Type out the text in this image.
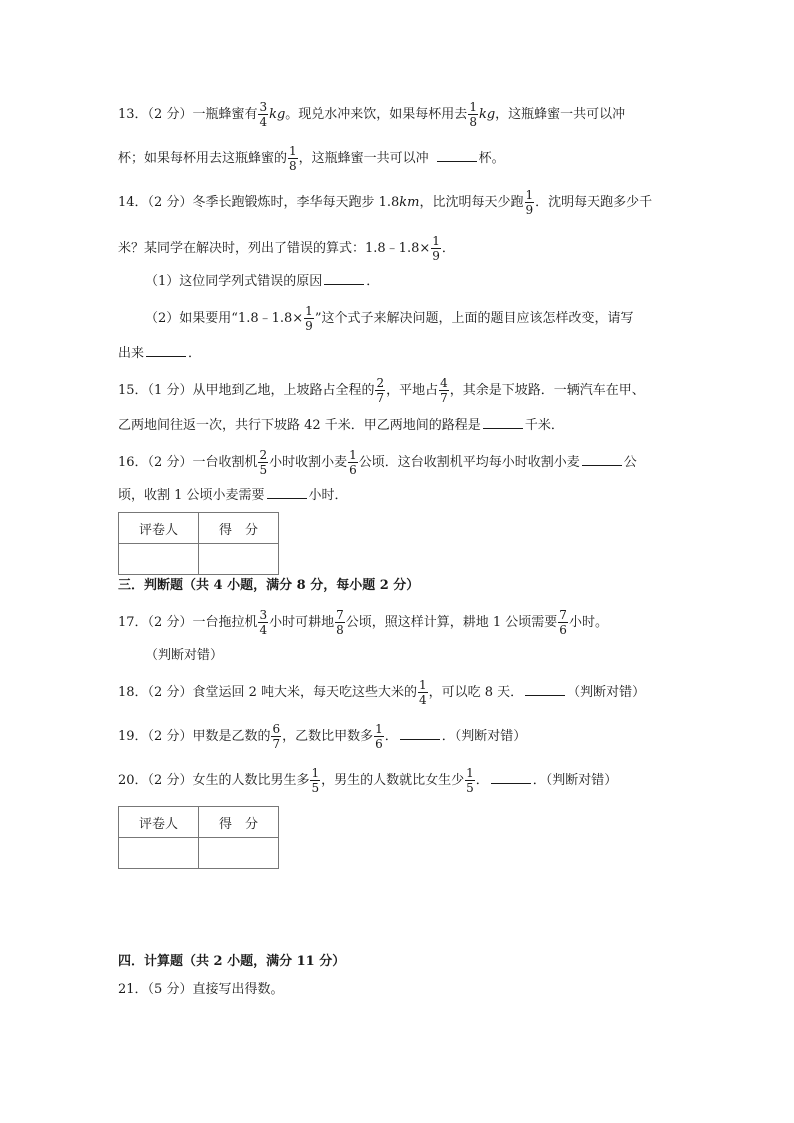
13．（2 分）一瓶蜂蜜有 $\frac{3}{4}$ kg。现兑水冲来饮，如果每杯用去 $\frac{1}{8}$ kg，这瓶蜂蜜一共可以冲
杯；如果每杯用去这瓶蜂蜜的 $\frac{1}{8}$ ，这瓶蜂蜜一共可以冲	杯。
14．（2 分）冬季长跑锻炼时，李华每天跑步 1.8km，比沈明每天少跑 $\frac{1}{9}$ ．沈明每天跑多少千
米？某同学在解决时，列出了错误的算式：1.8﹣1.8× $\frac{1}{9}$ ．
（1）这位同学列式错误的原因	．
（2）如果要用“1.8﹣1.8× $\frac{1}{9}$ ”这个式子来解决问题，上面的题目应该怎样改变，请写
出来	．
15．（1 分）从甲地到乙地，上坡路占全程的 $\frac{2}{7}$ ，平地占 $\frac{4}{7}$ ，其余是下坡路．一辆汽车在甲、
乙两地间往返一次，共行下坡路 42 千米．甲乙两地间的路程是	千米．
16．（2 分）一台收割机 $\frac{2}{5}$ 小时收割小麦 $\frac{1}{6}$ 公顷．这台收割机平均每小时收割小麦	公
顷，收割 1 公顷小麦需要	小时．
评卷人	得　分

三．判断题（共 4 小题，满分 8 分，每小题 2 分）
17．（2 分）一台拖拉机 $\frac{3}{4}$ 小时可耕地 $\frac{7}{8}$ 公顷，照这样计算，耕地 1 公顷需要 $\frac{7}{6}$ 小时。
（判断对错）
18．（2 分）食堂运回 2 吨大米，每天吃这些大米的 $\frac{1}{4}$ ，可以吃 8 天．	（判断对错）
19．（2 分）甲数是乙数的 $\frac{6}{7}$ ，乙数比甲数多 $\frac{1}{6}$ ．	．（判断对错）
20．（2 分）女生的人数比男生多 $\frac{1}{5}$ ，男生的人数就比女生少 $\frac{1}{5}$ ．	．（判断对错）
评卷人	得　分

四．计算题（共 2 小题，满分 11 分）
21．（5 分）直接写出得数。
